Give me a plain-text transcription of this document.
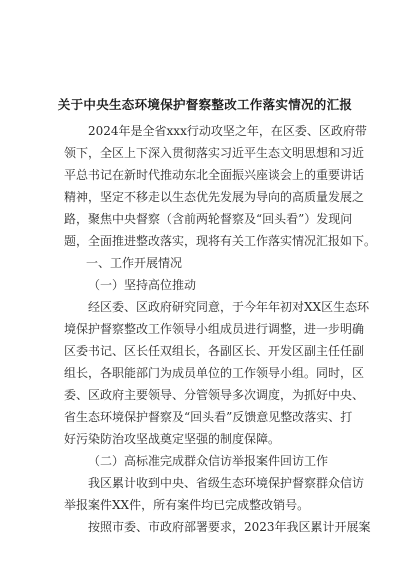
关于中央生态环境保护督察整改工作落实情况的汇报
2024年是全省xxx行动攻坚之年，在区委、区政府带
领下，全区上下深入贯彻落实习近平生态文明思想和习近
平总书记在新时代推动东北全面振兴座谈会上的重要讲话
精神，坚定不移走以生态优先发展为导向的高质量发展之
路，聚焦中央督察（含前两轮督察及“回头看”）发现问
题，全面推进整改落实，现将有关工作落实情况汇报如下。
一、工作开展情况
（一）坚持高位推动
经区委、区政府研究同意，于今年年初对XX区生态环
境保护督察整改工作领导小组成员进行调整，进一步明确
区委书记、区长任双组长，各副区长、开发区副主任任副
组长，各职能部门为成员单位的工作领导小组。同时，区
委、区政府主要领导、分管领导多次调度，为抓好中央、
省生态环境保护督察及“回头看”反馈意见整改落实、打
好污染防治攻坚战奠定坚强的制度保障。
（二）高标准完成群众信访举报案件回访工作
我区累计收到中央、省级生态环境保护督察群众信访
举报案件XX件，所有案件均已完成整改销号。
按照市委、市政府部署要求，2023年我区累计开展案
